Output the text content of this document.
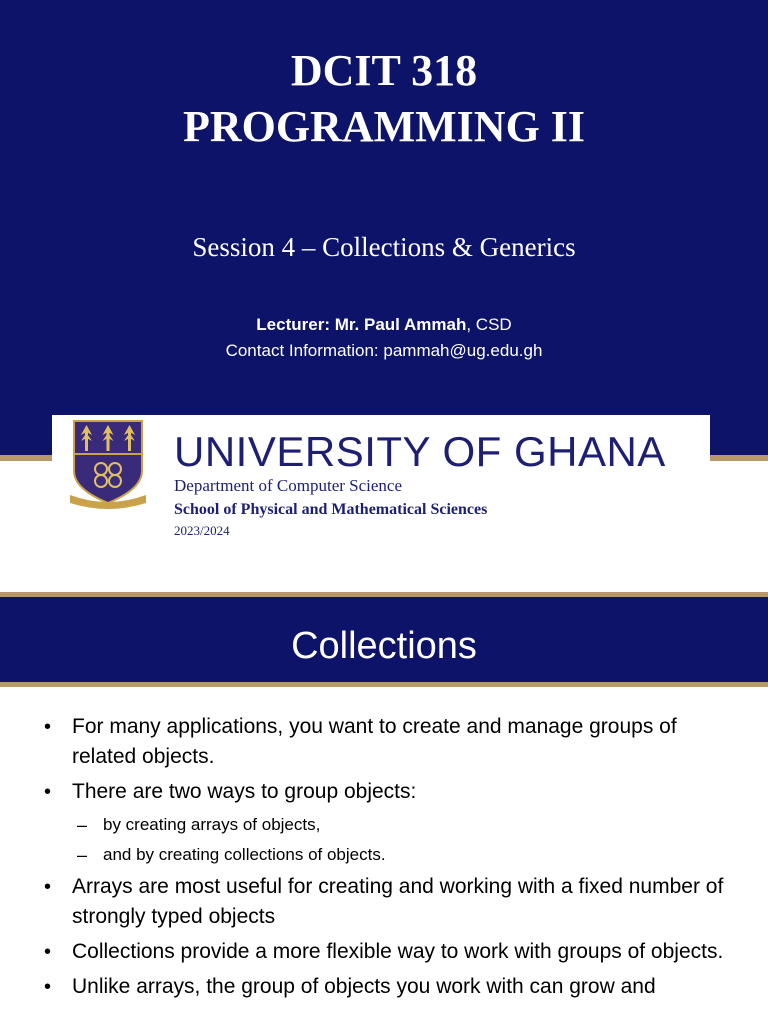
DCIT 318
PROGRAMMING II
Session 4 – Collections & Generics
Lecturer: Mr. Paul Ammah, CSD
Contact Information: pammah@ug.edu.gh
UNIVERSITY OF GHANA
Department of Computer Science
School of Physical and Mathematical Sciences
2023/2024
Collections
• For many applications, you want to create and manage groups of related objects.
• There are two ways to group objects:
– by creating arrays of objects,
– and by creating collections of objects.
• Arrays are most useful for creating and working with a fixed number of strongly typed objects
• Collections provide a more flexible way to work with groups of objects.
• Unlike arrays, the group of objects you work with can grow and
